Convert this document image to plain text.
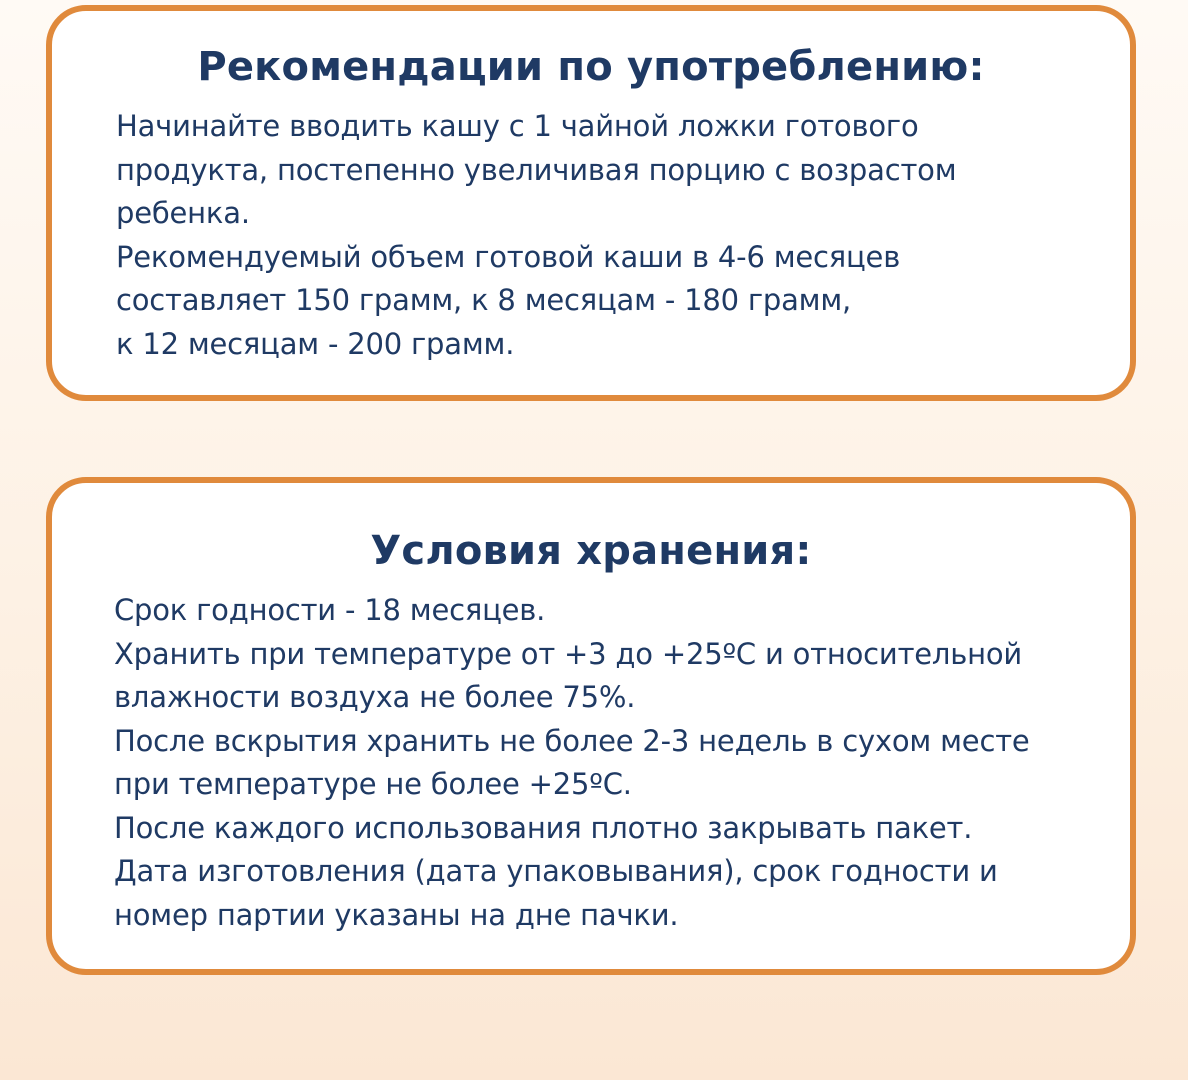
Рекомендации по употреблению:
Начинайте вводить кашу с 1 чайной ложки готового
продукта, постепенно увеличивая порцию с возрастом
ребенка.
Рекомендуемый объем готовой каши в 4-6 месяцев
составляет 150 грамм, к 8 месяцам - 180 грамм,
к 12 месяцам - 200 грамм.
Условия хранения:
Срок годности - 18 месяцев.
Хранить при температуре от +3 до +25ºС и относительной
влажности воздуха не более 75%.
После вскрытия хранить не более 2-3 недель в сухом месте
при температуре не более +25ºС.
После каждого использования плотно закрывать пакет.
Дата изготовления (дата упаковывания), срок годности и
номер партии указаны на дне пачки.
